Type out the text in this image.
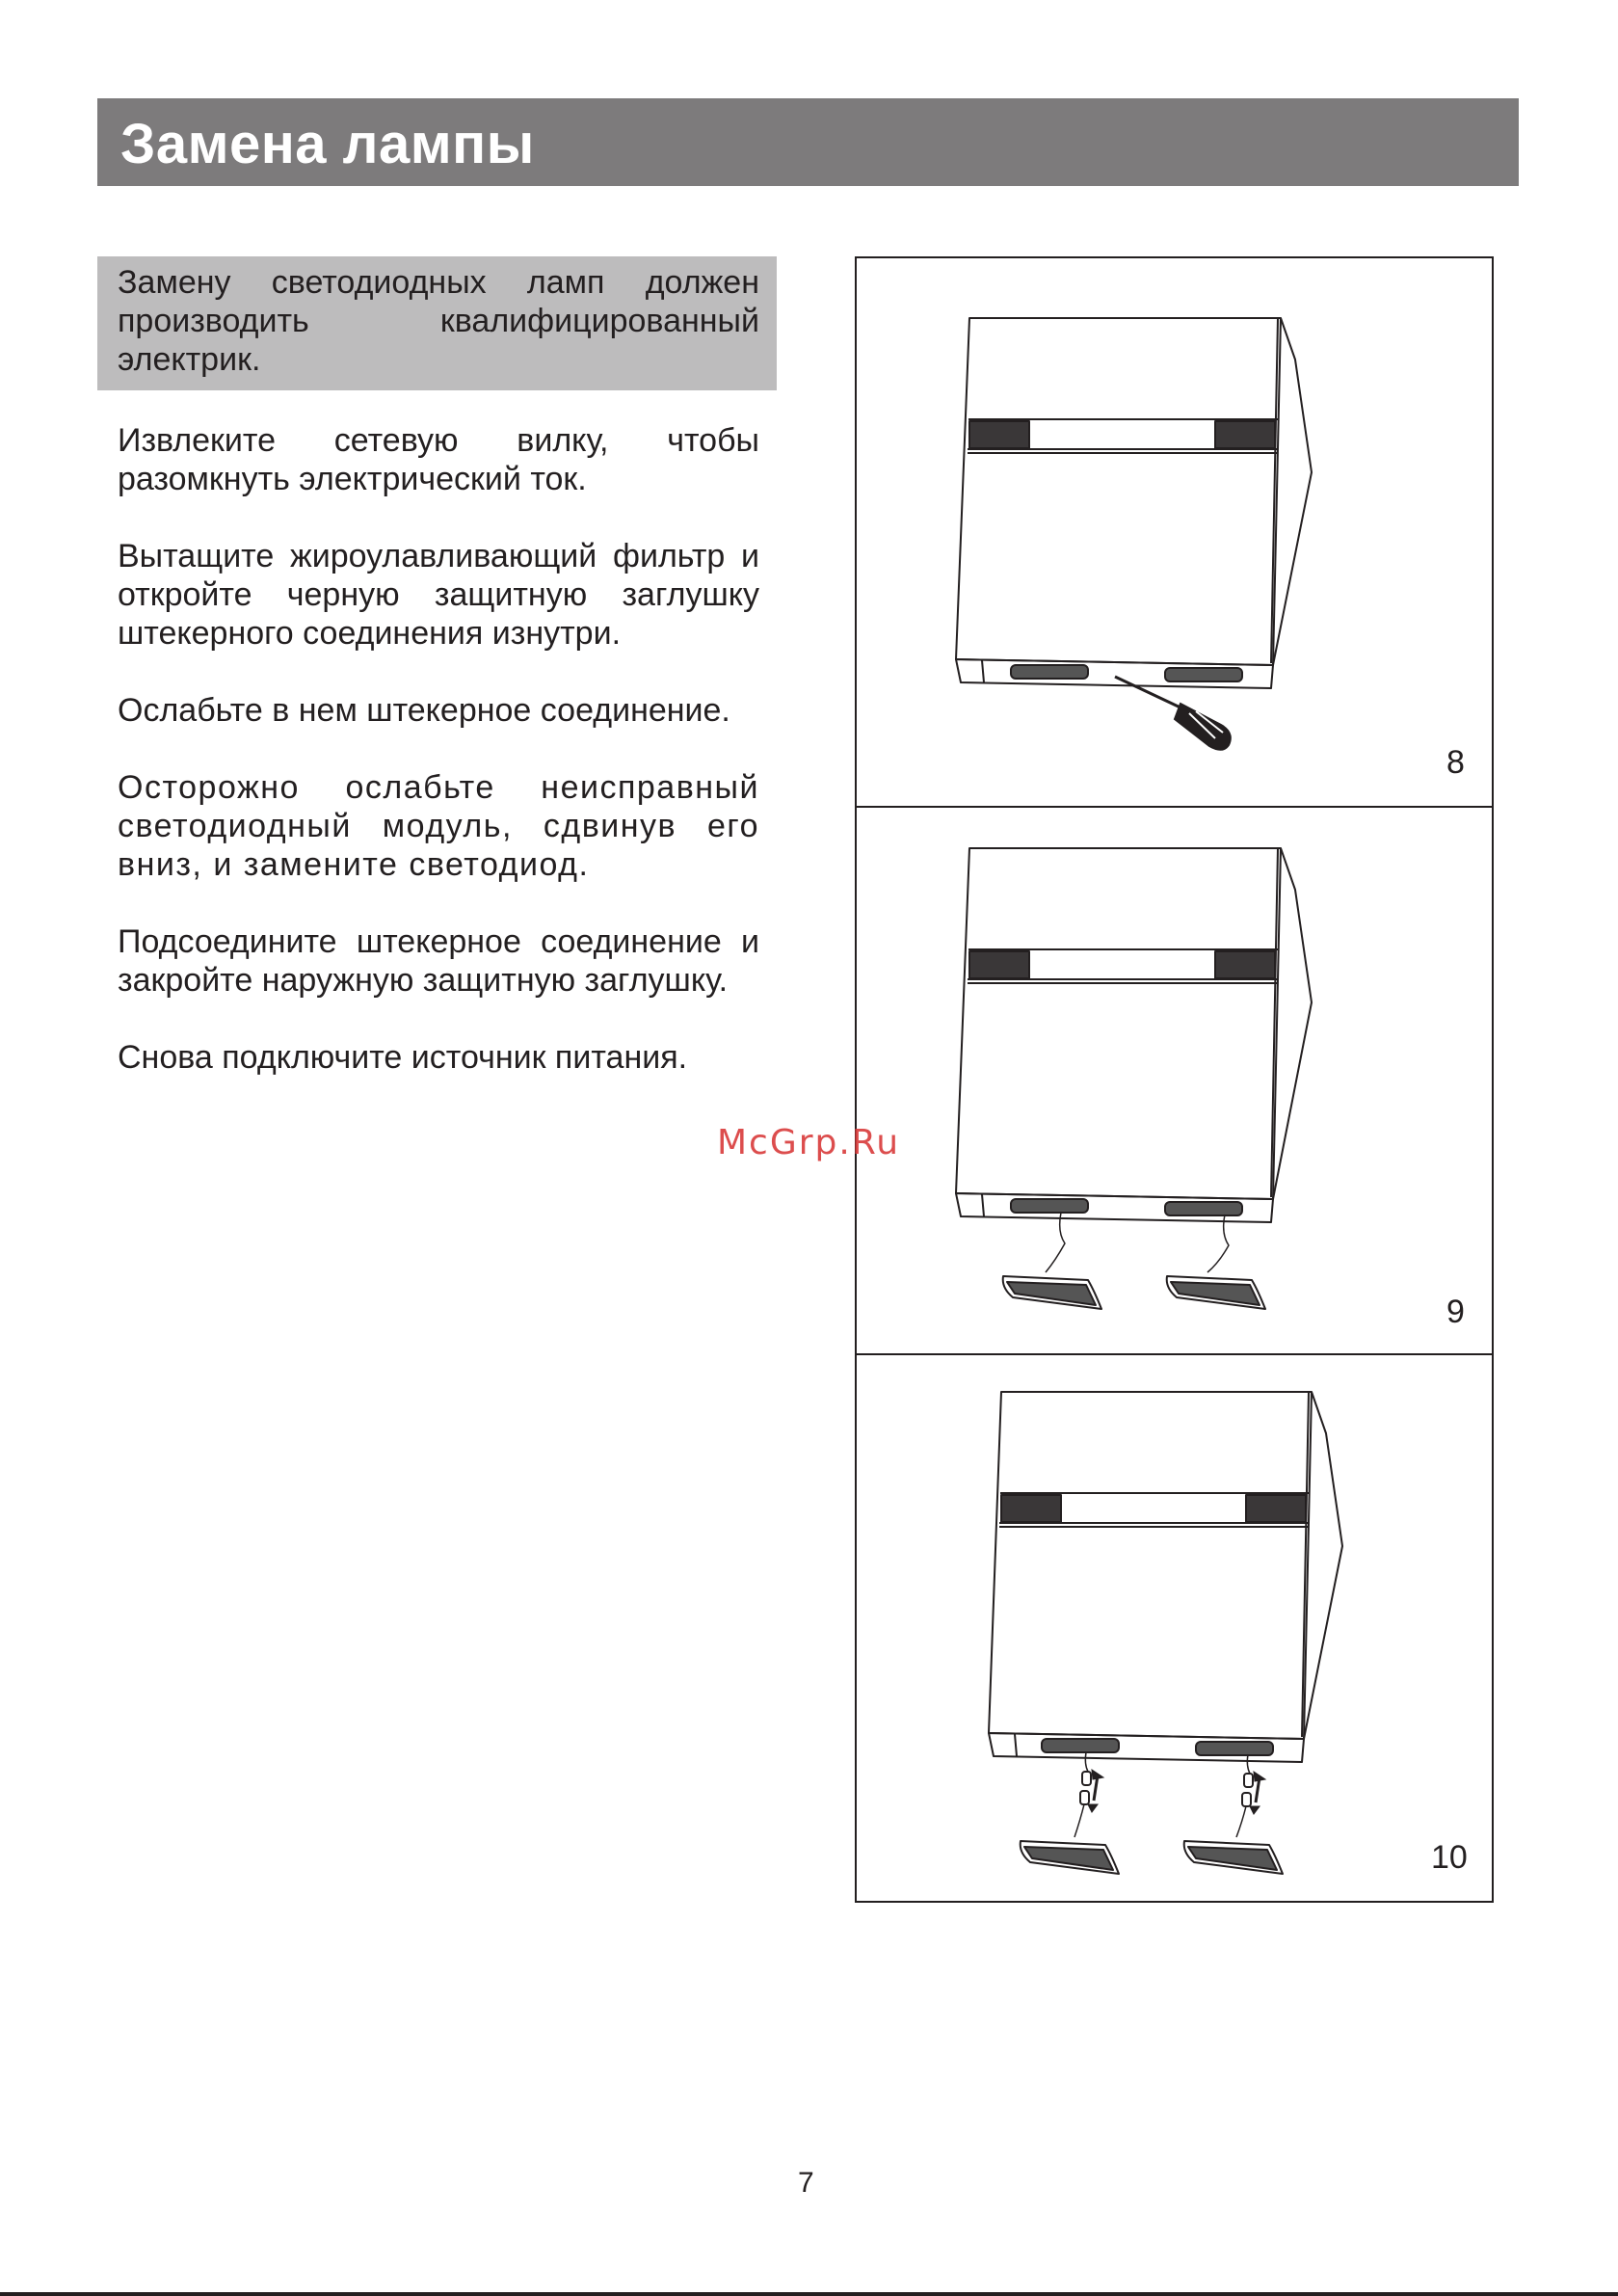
Замена лампы

Замену светодиодных ламп должен производить квалифицированный электрик.

Извлеките сетевую вилку, чтобы разомкнуть электрический ток.

Вытащите жироулавливающий фильтр и откройте черную защитную заглушку штекерного соединения изнутри.

Ослабьте в нем штекерное соединение.

Осторожно ослабьте неисправный светодиодный модуль, сдвинув его вниз, и замените светодиод.

Подсоедините штекерное соединение и закройте наружную защитную заглушку.

Снова подключите источник питания.

8
9
10
McGrp.Ru
7
